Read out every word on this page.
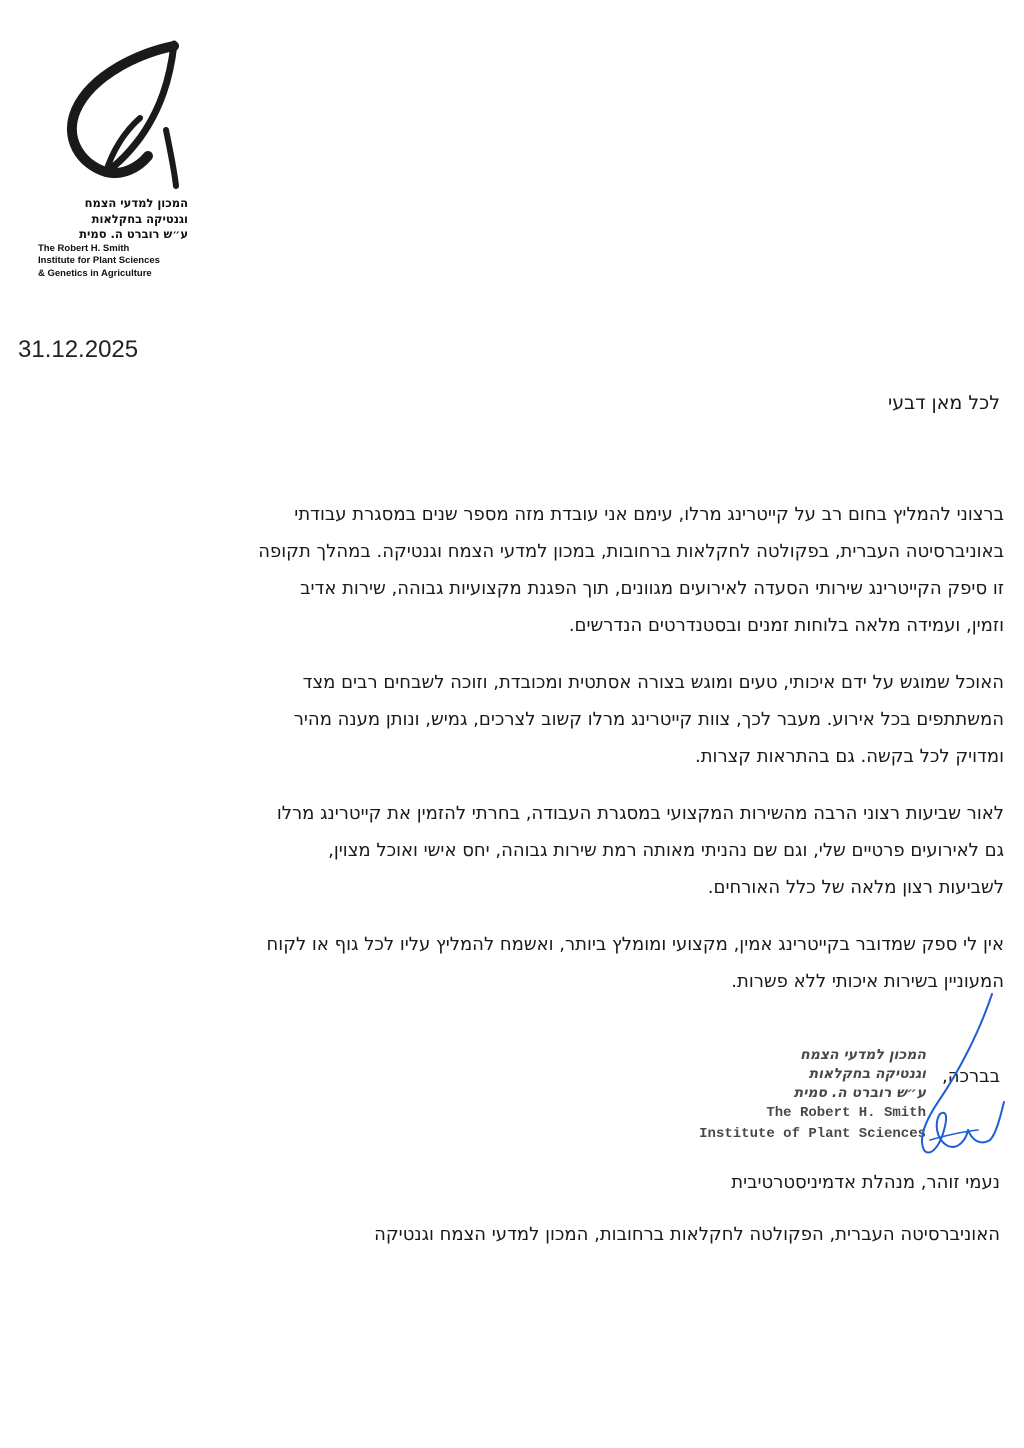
המכון למדעי הצמח
וגנטיקה בחקלאות
ע״ש רוברט ה. סמית
The Robert H. Smith
Institute for Plant Sciences
& Genetics in Agriculture
31.12.2025
לכל מאן דבעי
ברצוני להמליץ בחום רב על קייטרינג מרלו, עימם אני עובדת מזה מספר שנים במסגרת עבודתי
באוניברסיטה העברית, בפקולטה לחקלאות ברחובות, במכון למדעי הצמח וגנטיקה. במהלך תקופה
זו סיפק הקייטרינג שירותי הסעדה לאירועים מגוונים, תוך הפגנת מקצועיות גבוהה, שירות אדיב
וזמין, ועמידה מלאה בלוחות זמנים ובסטנדרטים הנדרשים.
האוכל שמוגש על ידם איכותי, טעים ומוגש בצורה אסתטית ומכובדת, וזוכה לשבחים רבים מצד
המשתתפים בכל אירוע. מעבר לכך, צוות קייטרינג מרלו קשוב לצרכים, גמיש, ונותן מענה מהיר
ומדויק לכל בקשה. גם בהתראות קצרות.
לאור שביעות רצוני הרבה מהשירות המקצועי במסגרת העבודה, בחרתי להזמין את קייטרינג מרלו
גם לאירועים פרטיים שלי, וגם שם נהניתי מאותה רמת שירות גבוהה, יחס אישי ואוכל מצוין,
לשביעות רצון מלאה של כלל האורחים.
אין לי ספק שמדובר בקייטרינג אמין, מקצועי ומומלץ ביותר, ואשמח להמליץ עליו לכל גוף או לקוח
המעוניין בשירות איכותי ללא פשרות.
בברכה,
המכון למדעי הצמח
וגנטיקה בחקלאות
ע״ש רוברט ה. סמית
The Robert H. Smith
Institute of Plant Sciences
נעמי זוהר, מנהלת אדמיניסטרטיבית
האוניברסיטה העברית, הפקולטה לחקלאות ברחובות, המכון למדעי הצמח וגנטיקה
